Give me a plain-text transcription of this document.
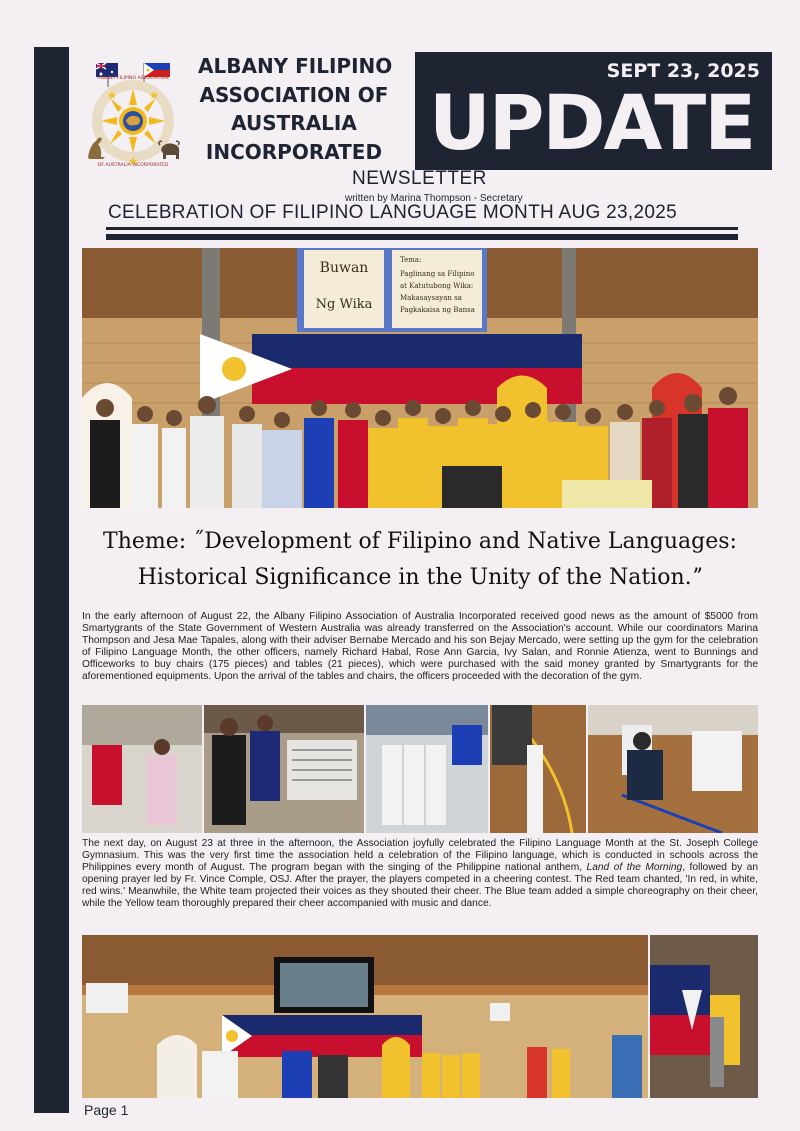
ALBANY FILIPINO ASSOCIATION
OF AUSTRALIA INCORPORATED
ALBANY FILIPINO
ASSOCIATION OF
AUSTRALIA
INCORPORATED
SEPT 23, 2025
UPDATE
NEWSLETTER
written by Marina Thompson - Secretary
CELEBRATION OF FILIPINO LANGUAGE MONTH AUG 23,2025
Buwan
Ng Wika
Tema:
Paglinang sa Filipino
at Katutubong Wika:
Makasaysayan sa
Pagkakaisa ng Bansa
Theme: ˝Development of Filipino and Native Languages:
Historical Significance in the Unity of the Nation.ˮ

In the early afternoon of August 22, the Albany Filipino Association of Australia Incorporated received good news as the amount of $5000 from Smartygrants of the State Government of Western Australia was already transferred on the Association's account. While our coordinators Marina Thompson and Jesa Mae Tapales, along with their adviser Bernabe Mercado and his son Bejay Mercado, were setting up the gym for the celebration of Filipino Language Month, the other officers, namely Richard Habal, Rose Ann Garcia, Ivy Salan, and Ronnie Atienza, went to Bunnings and Officeworks to buy chairs (175 pieces) and tables (21 pieces), which were purchased with the said money granted by Smartygrants for the aforementioned equipments. Upon the arrival of the tables and chairs, the officers proceeded with the decoration of the gym.

The next day, on August 23 at three in the afternoon, the Association joyfully celebrated the Filipino Language Month at the St. Joseph College Gymnasium. This was the very first time the association held a celebration of the Filipino language, which is conducted in schools across the Philippines every month of August. The program began with the singing of the Philippine national anthem, Land of the Morning, followed by an opening prayer led by Fr. Vince Comple, OSJ. After the prayer, the players competed in a cheering contest. The Red team chanted, 'In red, in white, red wins.' Meanwhile, the White team projected their voices as they shouted their cheer. The Blue team added a simple choreography on their cheer, while the Yellow team thoroughly prepared their cheer accompanied with music and dance.

Page 1
